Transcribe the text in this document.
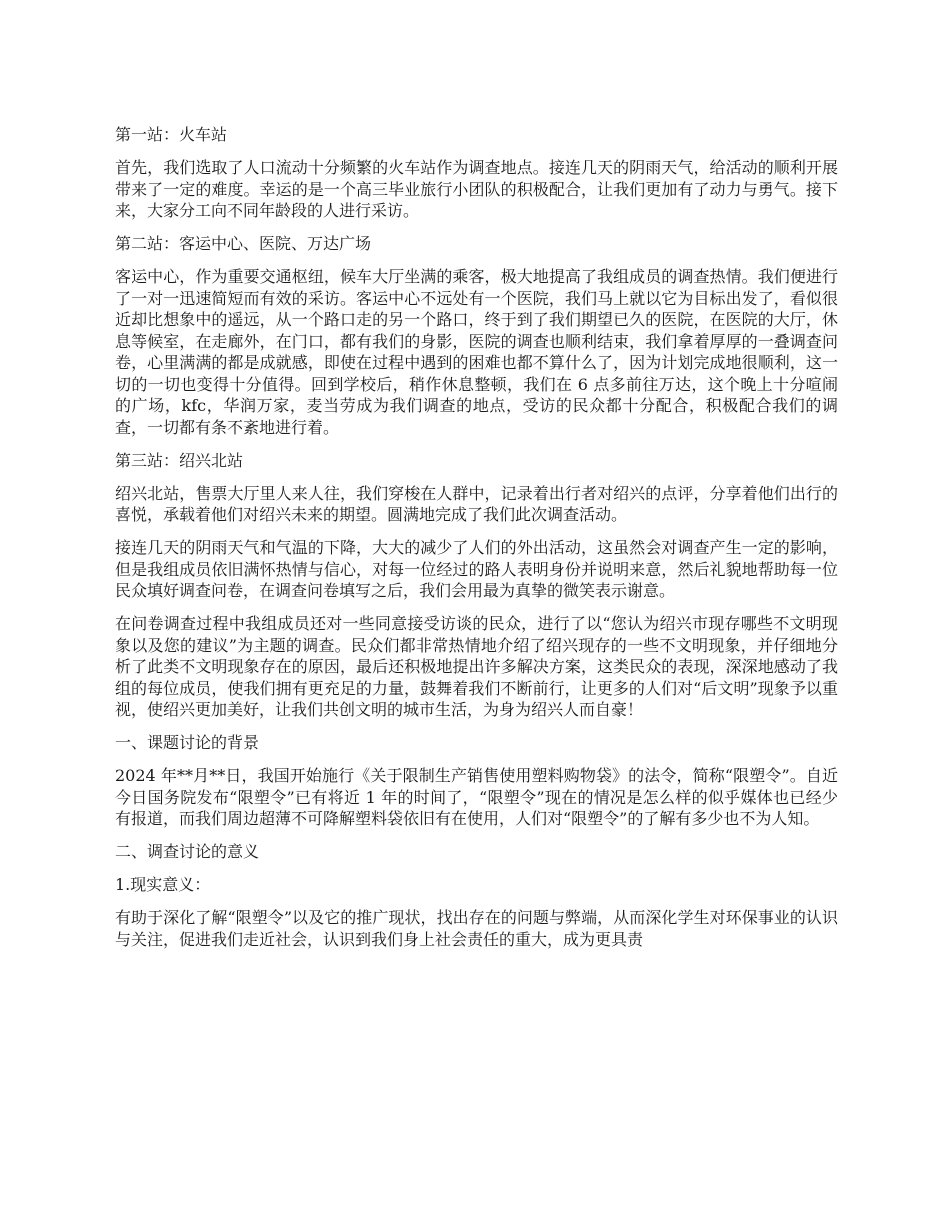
第一站：火车站
首先，我们选取了人口流动十分频繁的火车站作为调查地点。接连几天的阴雨天气，给活动的顺利开展带来了一定的难度。幸运的是一个高三毕业旅行小团队的积极配合，让我们更加有了动力与勇气。接下来，大家分工向不同年龄段的人进行采访。
第二站：客运中心、医院、万达广场
客运中心，作为重要交通枢纽，候车大厅坐满的乘客，极大地提高了我组成员的调查热情。我们便进行了一对一迅速简短而有效的采访。客运中心不远处有一个医院，我们马上就以它为目标出发了，看似很近却比想象中的遥远，从一个路口走的另一个路口，终于到了我们期望已久的医院，在医院的大厅，休息等候室，在走廊外，在门口，都有我们的身影，医院的调查也顺利结束，我们拿着厚厚的一叠调查问卷，心里满满的都是成就感，即使在过程中遇到的困难也都不算什么了，因为计划完成地很顺利，这一切的一切也变得十分值得。回到学校后，稍作休息整顿，我们在 6 点多前往万达，这个晚上十分喧闹的广场，kfc，华润万家，麦当劳成为我们调查的地点，受访的民众都十分配合，积极配合我们的调查，一切都有条不紊地进行着。
第三站：绍兴北站
绍兴北站，售票大厅里人来人往，我们穿梭在人群中，记录着出行者对绍兴的点评，分享着他们出行的喜悦，承载着他们对绍兴未来的期望。圆满地完成了我们此次调查活动。
接连几天的阴雨天气和气温的下降，大大的减少了人们的外出活动，这虽然会对调查产生一定的影响，但是我组成员依旧满怀热情与信心，对每一位经过的路人表明身份并说明来意，然后礼貌地帮助每一位民众填好调查问卷，在调查问卷填写之后，我们会用最为真挚的微笑表示谢意。
在问卷调查过程中我组成员还对一些同意接受访谈的民众，进行了以“您认为绍兴市现存哪些不文明现象以及您的建议”为主题的调查。民众们都非常热情地介绍了绍兴现存的一些不文明现象，并仔细地分析了此类不文明现象存在的原因，最后还积极地提出许多解决方案，这类民众的表现，深深地感动了我组的每位成员，使我们拥有更充足的力量，鼓舞着我们不断前行，让更多的人们对“后文明”现象予以重视，使绍兴更加美好，让我们共创文明的城市生活，为身为绍兴人而自豪！
一、课题讨论的背景
2024 年**月**日，我国开始施行《关于限制生产销售使用塑料购物袋》的法令，简称“限塑令”。自近今日国务院发布“限塑令”已有将近 1 年的时间了，“限塑令”现在的情况是怎么样的似乎媒体也已经少有报道，而我们周边超薄不可降解塑料袋依旧有在使用，人们对“限塑令”的了解有多少也不为人知。
二、调查讨论的意义
1.现实意义：
有助于深化了解“限塑令”以及它的推广现状，找出存在的问题与弊端，从而深化学生对环保事业的认识与关注，促进我们走近社会，认识到我们身上社会责任的重大，成为更具责
